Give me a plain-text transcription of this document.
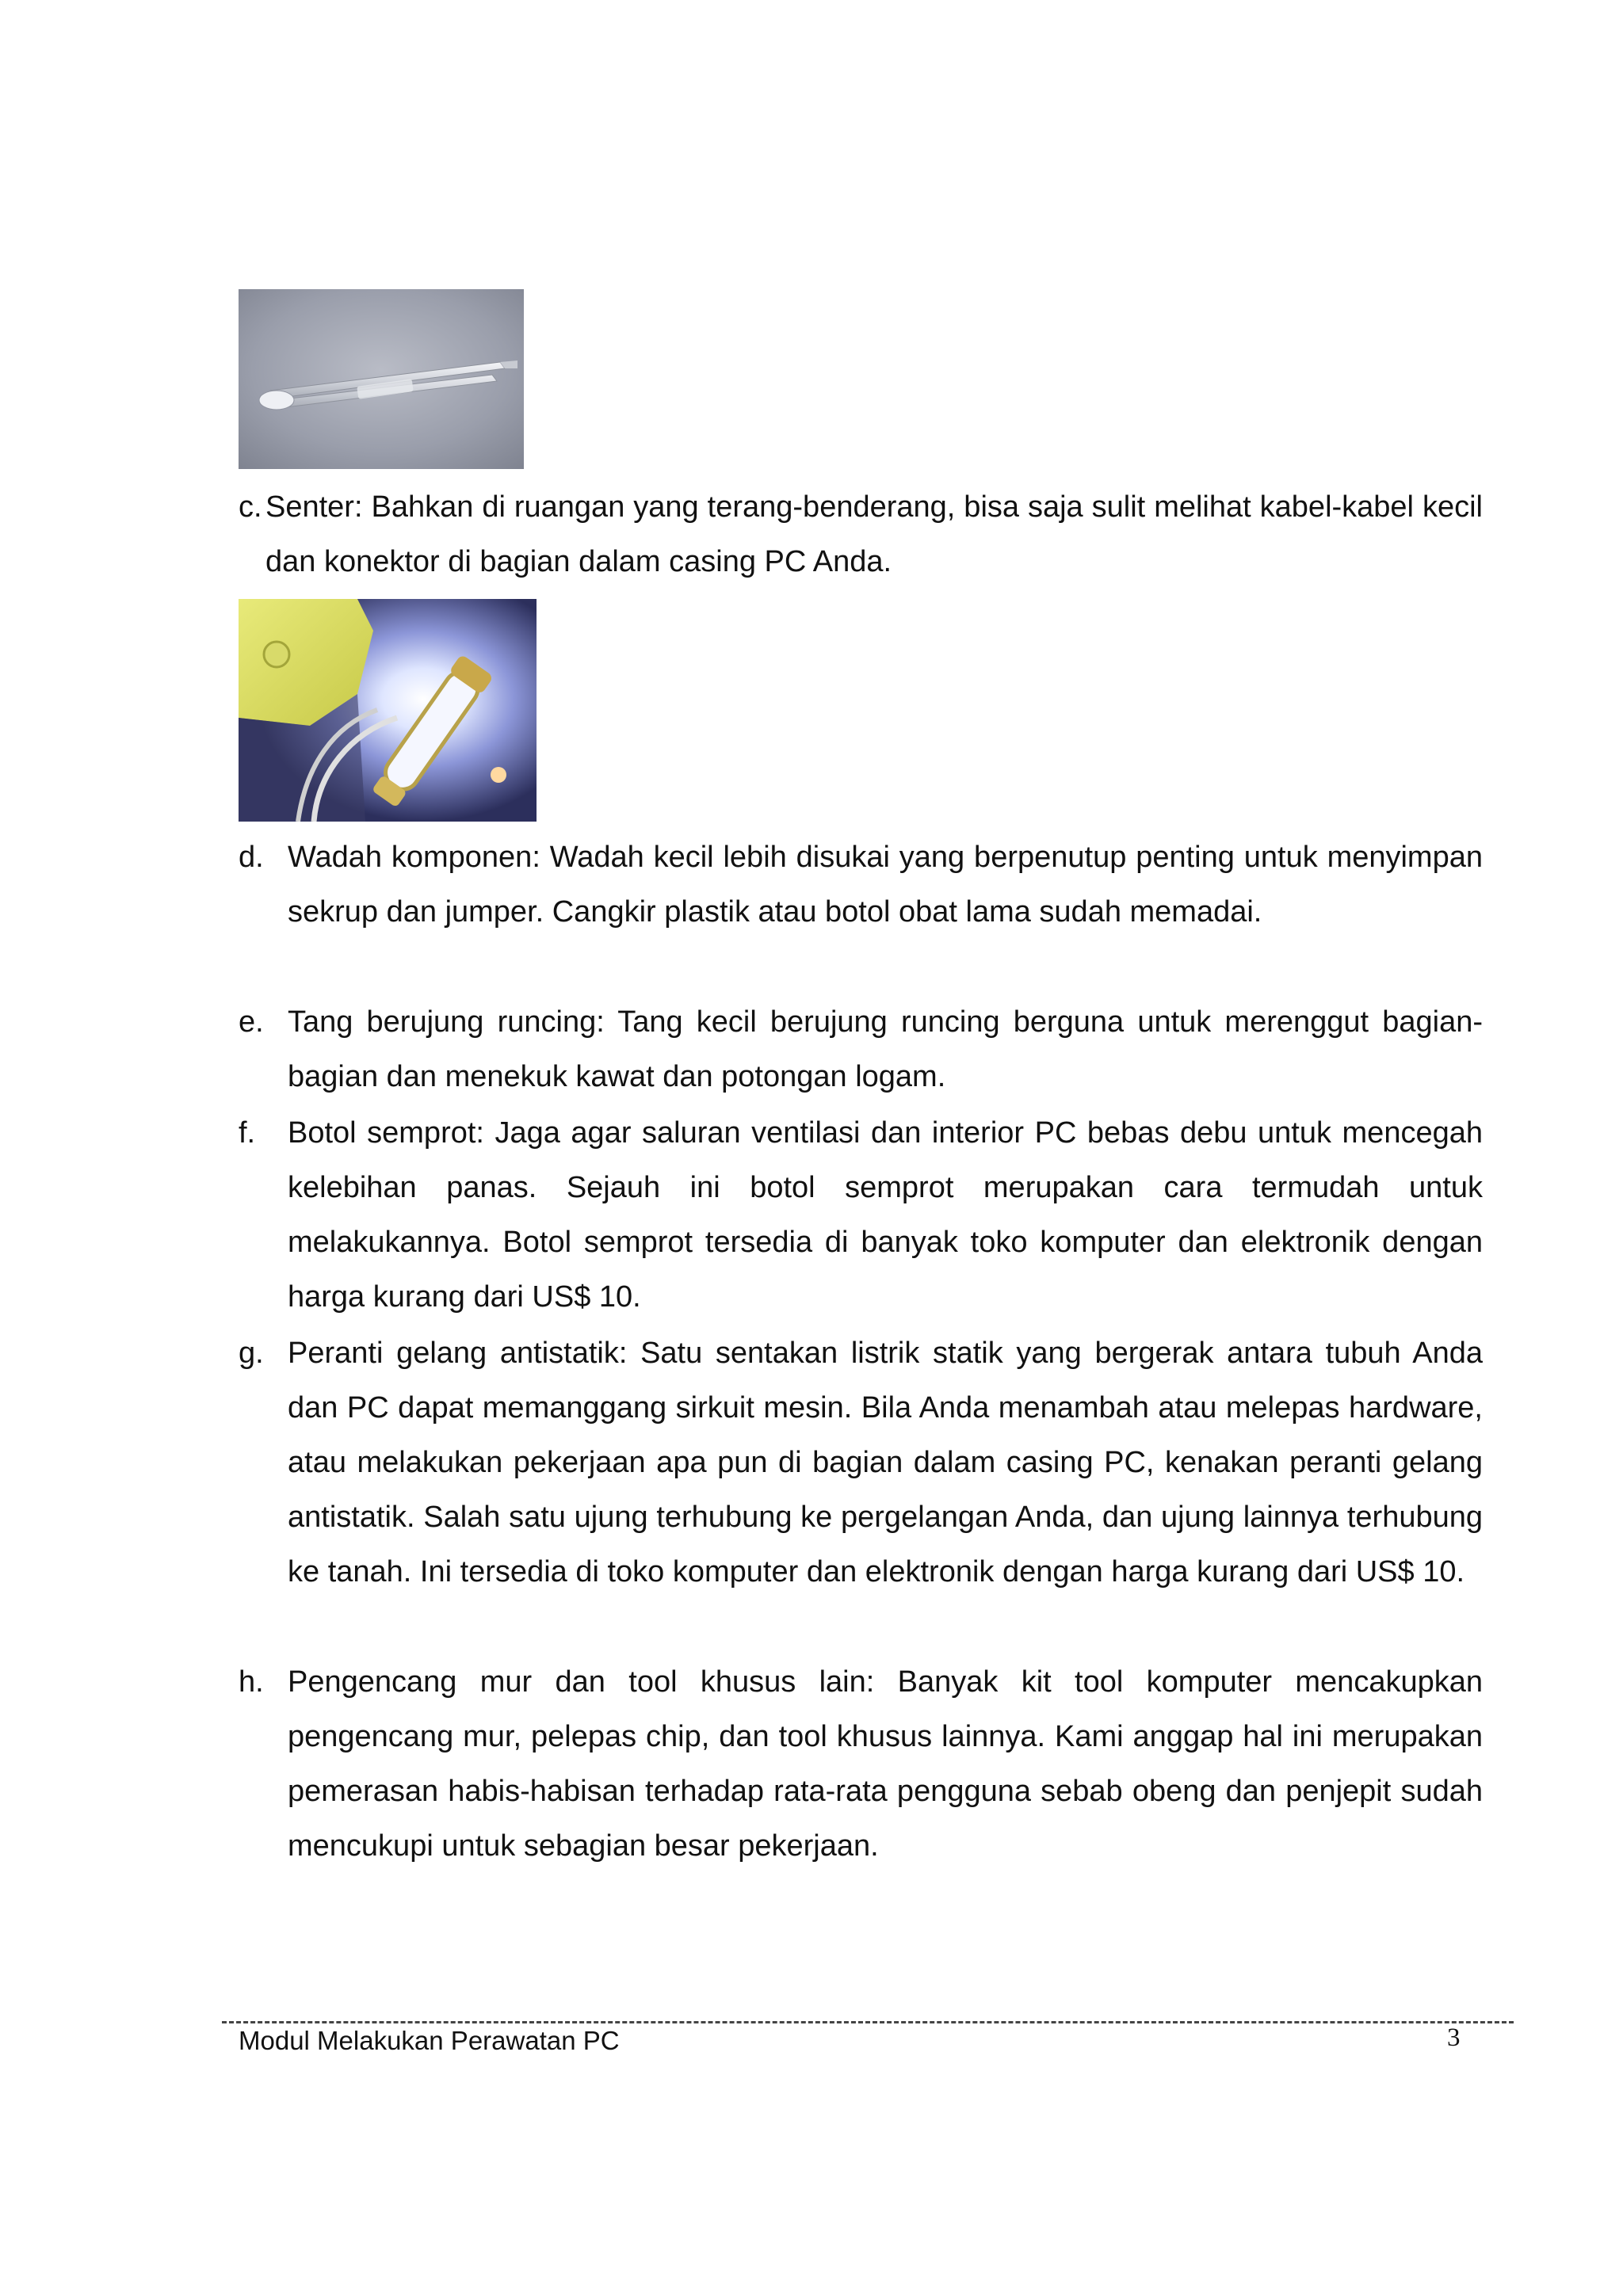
c. Senter: Bahkan di ruangan yang terang-benderang, bisa saja sulit melihat kabel-kabel kecil dan konektor di bagian dalam casing PC Anda.
d. Wadah komponen: Wadah kecil lebih disukai yang berpenutup penting untuk menyimpan sekrup dan jumper. Cangkir plastik atau botol obat lama sudah memadai.
e. Tang berujung runcing: Tang kecil berujung runcing berguna untuk merenggut bagian-bagian dan menekuk kawat dan potongan logam.
f.	Botol semprot: Jaga agar saluran ventilasi dan interior PC bebas debu untuk mencegah kelebihan panas. Sejauh ini botol semprot merupakan cara termudah untuk melakukannya. Botol semprot tersedia di banyak toko komputer dan elektronik dengan harga kurang dari US$ 10.
g. Peranti gelang antistatik: Satu sentakan listrik statik yang bergerak antara tubuh Anda dan PC dapat memanggang sirkuit mesin. Bila Anda menambah atau melepas hardware, atau melakukan pekerjaan apa pun di bagian dalam casing PC, kenakan peranti gelang antistatik. Salah satu ujung terhubung ke pergelangan Anda, dan ujung lainnya terhubung ke tanah. Ini tersedia di toko komputer dan elektronik dengan harga kurang dari US$ 10.
h. Pengencang mur dan tool khusus lain: Banyak kit tool komputer mencakupkan pengencang mur, pelepas chip, dan tool khusus lainnya. Kami anggap hal ini merupakan pemerasan habis-habisan terhadap rata-rata pengguna sebab obeng dan penjepit sudah mencukupi untuk sebagian besar pekerjaan.
Modul Melakukan Perawatan PC	3
